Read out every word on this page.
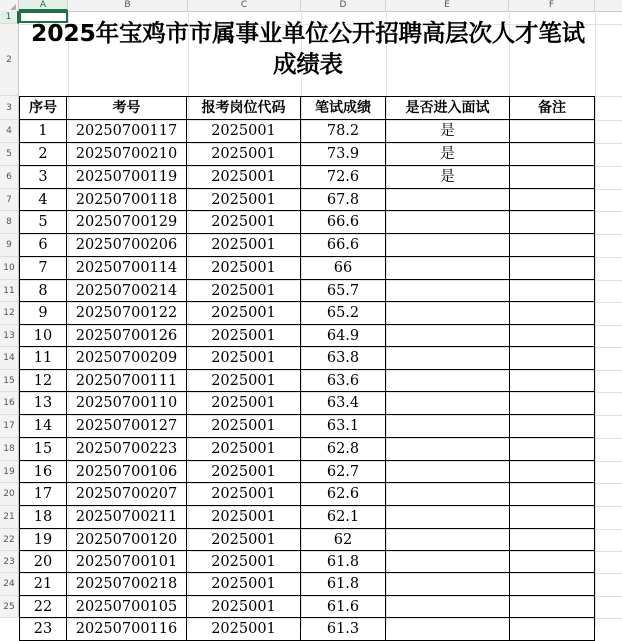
A	B	C	D	E	F
1
2
3
4
5
6
7
8
9
10
11
12
13
14
15
16
17
18
19
20
21
22
23
24
25
2025年宝鸡市市属事业单位公开招聘高层次人才笔试成绩表
序号	考号	报考岗位代码	笔试成绩	是否进入面试	备注
1	20250700117	2025001	78.2	是
2	20250700210	2025001	73.9	是
3	20250700119	2025001	72.6	是
4	20250700118	2025001	67.8
5	20250700129	2025001	66.6
6	20250700206	2025001	66.6
7	20250700114	2025001	66
8	20250700214	2025001	65.7
9	20250700122	2025001	65.2
10	20250700126	2025001	64.9
11	20250700209	2025001	63.8
12	20250700111	2025001	63.6
13	20250700110	2025001	63.4
14	20250700127	2025001	63.1
15	20250700223	2025001	62.8
16	20250700106	2025001	62.7
17	20250700207	2025001	62.6
18	20250700211	2025001	62.1
19	20250700120	2025001	62
20	20250700101	2025001	61.8
21	20250700218	2025001	61.8
22	20250700105	2025001	61.6
23	20250700116	2025001	61.3
